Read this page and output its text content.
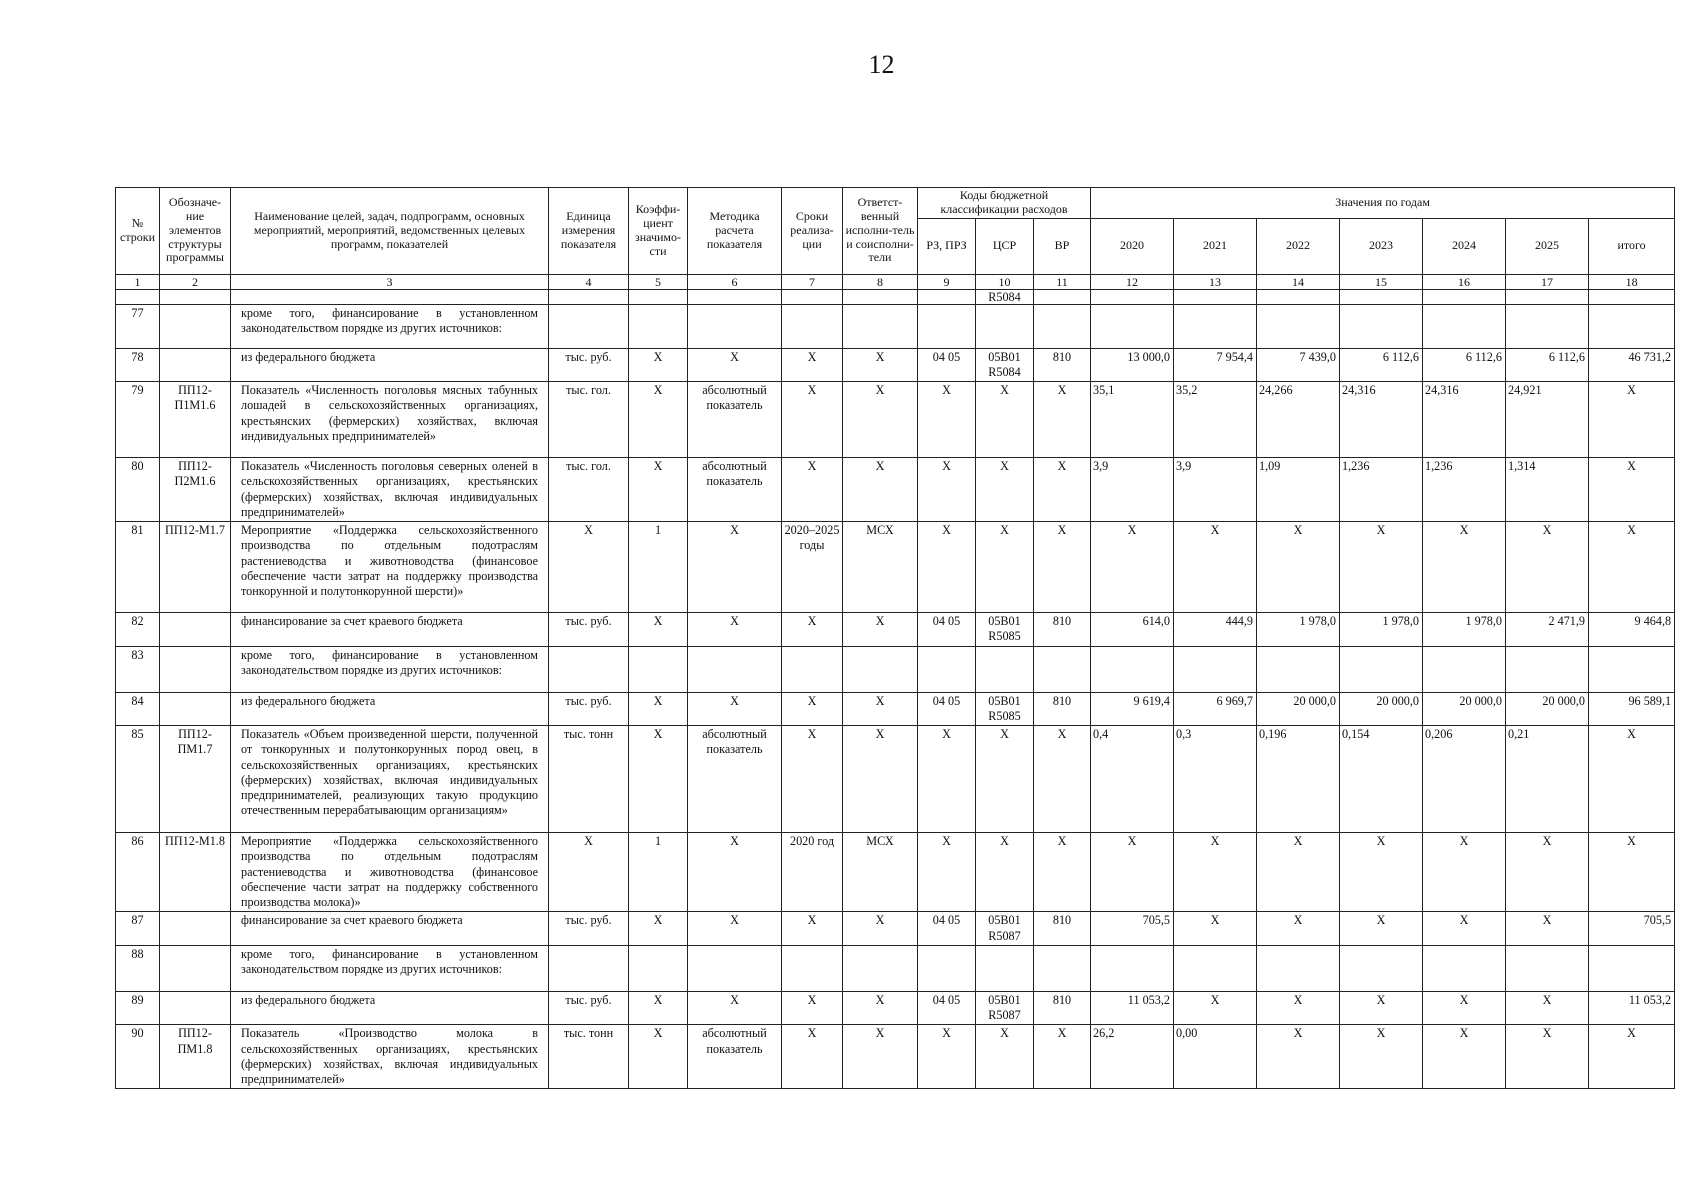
12
№ строки	Обозначе-ние элементов структуры программы	Наименование целей, задач, подпрограмм, основных мероприятий, мероприятий, ведомственных целевых программ, показателей	Единица измерения показателя	Коэффи-циент значимо-сти	Методика расчета показателя	Сроки реализа-ции	Ответст-венный исполни-тель и соисполни-тели	Коды бюджетной классификации расходов			Значения по годам						
								РЗ, ПРЗ	ЦСР	ВР	2020	2021	2022	2023	2024	2025	итого
1	2	3	4	5	6	7	8	9	10	11	12	13	14	15	16	17	18
									R5084								
77		кроме того, финансирование в установленном законодательством порядке из других источников:															
78		из федерального бюджета	тыс. руб.	Х	Х	Х	Х	04 05	05В01 R5084	810	13 000,0	7 954,4	7 439,0	6 112,6	6 112,6	6 112,6	46 731,2
79	ПП12-П1М1.6	Показатель «Численность поголовья мясных табунных лошадей в сельскохозяйственных организациях, крестьянских (фермерских) хозяйствах, включая индивидуальных предпринимателей»	тыс. гол.	Х	абсолютный показатель	Х	Х	Х	Х	Х	35,1	35,2	24,266	24,316	24,316	24,921	Х
80	ПП12-П2М1.6	Показатель «Численность поголовья северных оленей в сельскохозяйственных организациях, крестьянских (фермерских) хозяйствах, включая индивидуальных предпринимателей»	тыс. гол.	Х	абсолютный показатель	Х	Х	Х	Х	Х	3,9	3,9	1,09	1,236	1,236	1,314	Х
81	ПП12-М1.7	Мероприятие «Поддержка сельскохозяйственного производства по отдельным подотраслям растениеводства и животноводства (финансовое обеспечение части затрат на поддержку производства тонкорунной и полутонкорунной шерсти)»	Х	1	Х	2020–2025 годы	МСХ	Х	Х	Х	Х	Х	Х	Х	Х	Х	Х
82		финансирование за счет краевого бюджета	тыс. руб.	Х	Х	Х	Х	04 05	05В01 R5085	810	614,0	444,9	1 978,0	1 978,0	1 978,0	2 471,9	9 464,8
83		кроме того, финансирование в установленном законодательством порядке из других источников:															
84		из федерального бюджета	тыс. руб.	Х	Х	Х	Х	04 05	05В01 R5085	810	9 619,4	6 969,7	20 000,0	20 000,0	20 000,0	20 000,0	96 589,1
85	ПП12-ПМ1.7	Показатель «Объем произведенной шерсти, полученной от тонкорунных и полутонкорунных пород овец, в сельскохозяйственных организациях, крестьянских (фермерских) хозяйствах, включая индивидуальных предпринимателей, реализующих такую продукцию отечественным перерабатывающим организациям»	тыс. тонн	Х	абсолютный показатель	Х	Х	Х	Х	Х	0,4	0,3	0,196	0,154	0,206	0,21	Х
86	ПП12-М1.8	Мероприятие «Поддержка сельскохозяйственного производства по отдельным подотраслям растениеводства и животноводства (финансовое обеспечение части затрат на поддержку собственного производства молока)»	Х	1	Х	2020 год	МСХ	Х	Х	Х	Х	Х	Х	Х	Х	Х	Х
87		финансирование за счет краевого бюджета	тыс. руб.	Х	Х	Х	Х	04 05	05В01 R5087	810	705,5	Х	Х	Х	Х	Х	705,5
88		кроме того, финансирование в установленном законодательством порядке из других источников:															
89		из федерального бюджета	тыс. руб.	Х	Х	Х	Х	04 05	05В01 R5087	810	11 053,2	Х	Х	Х	Х	Х	11 053,2
90	ПП12-ПМ1.8	Показатель «Производство молока в сельскохозяйственных организациях, крестьянских (фермерских) хозяйствах, включая индивидуальных предпринимателей»	тыс. тонн	Х	абсолютный показатель	Х	Х	Х	Х	Х	26,2	0,00	Х	Х	Х	Х	Х
